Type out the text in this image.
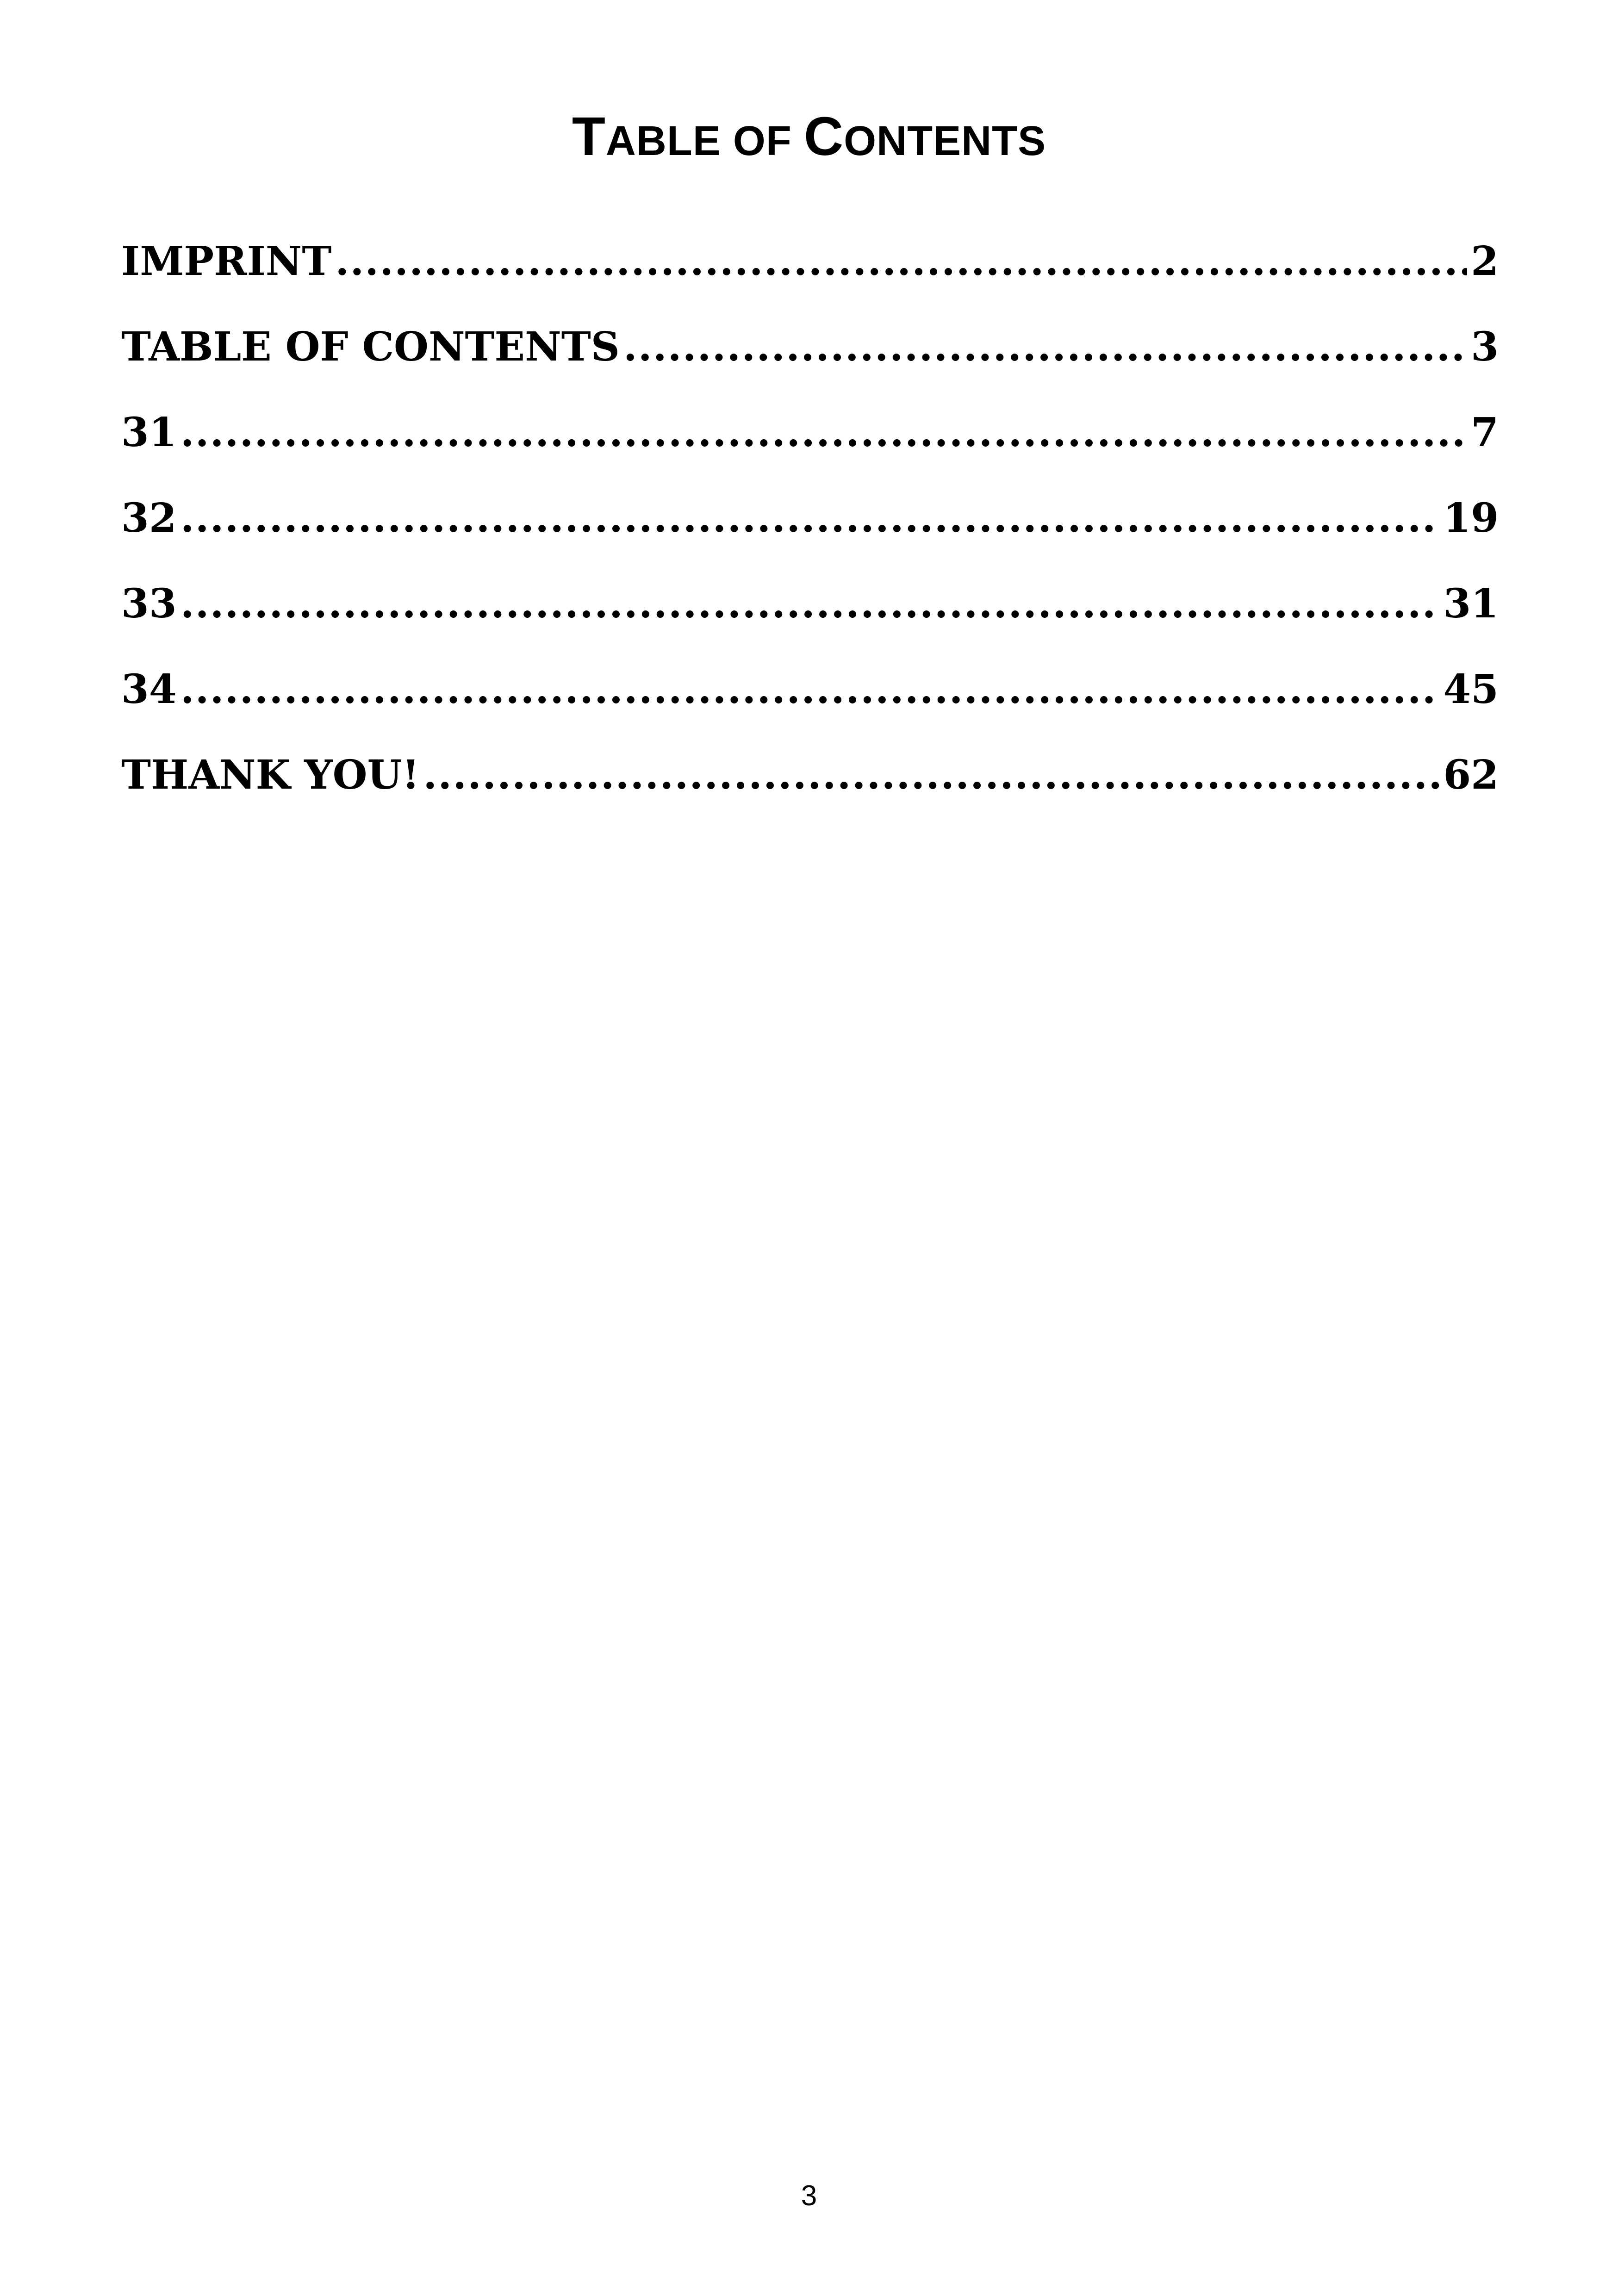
TABLE OF CONTENTS
IMPRINT .....	2
TABLE OF CONTENTS .....	3
31 .....	7
32 .....	19
33 .....	31
34 .....	45
THANK YOU! .....	62
3
